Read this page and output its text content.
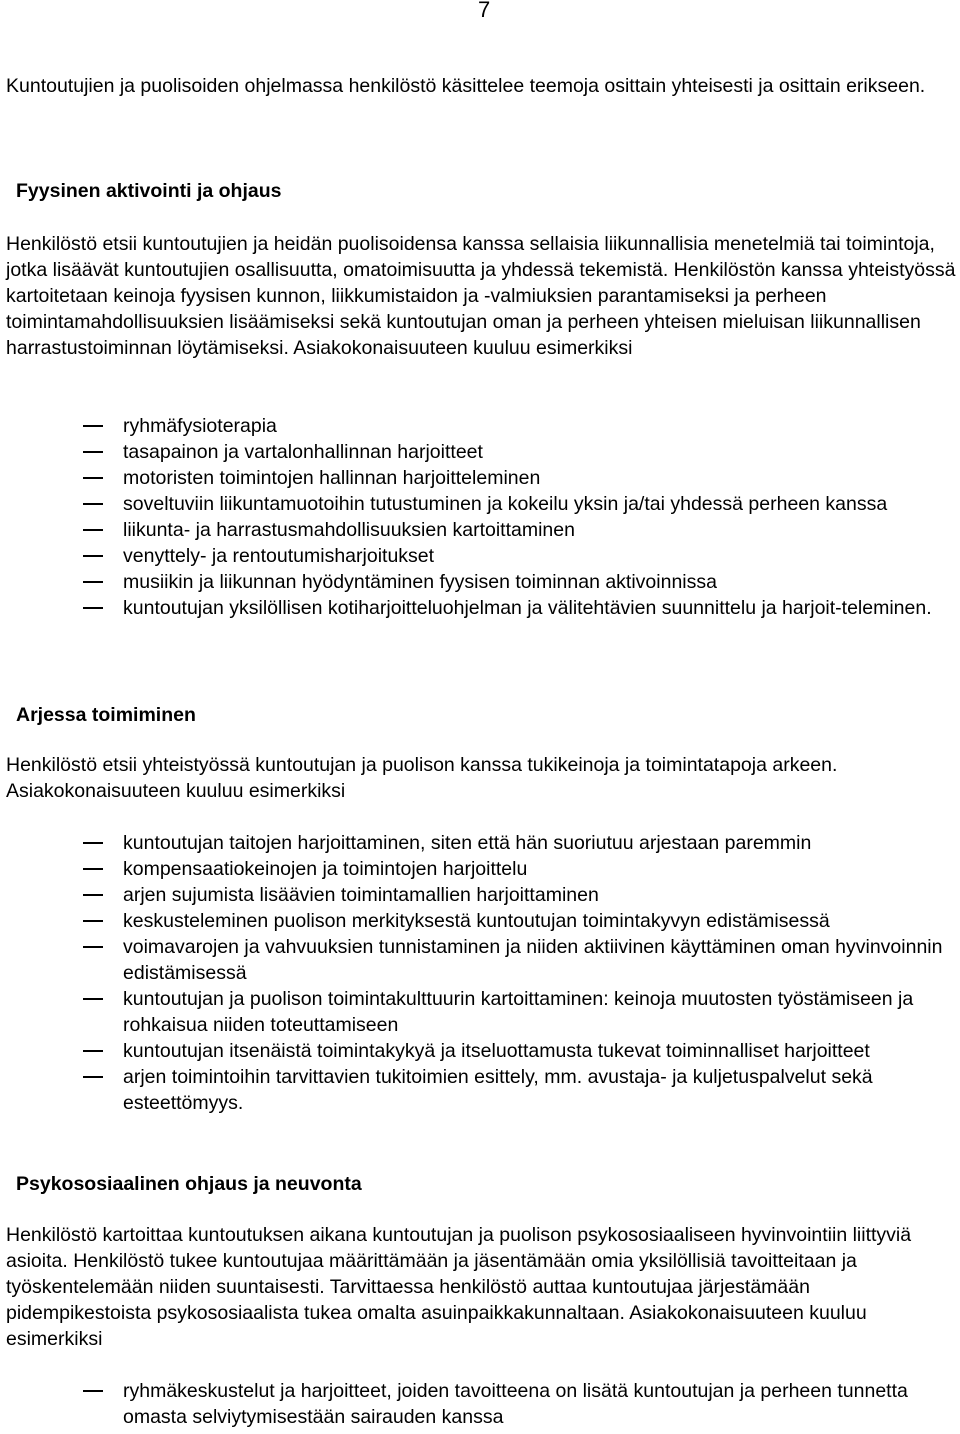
7

Kuntoutujien ja puolisoiden ohjelmassa henkilöstö käsittelee teemoja osittain yhteisesti ja osittain erikseen.

Fyysinen aktivointi ja ohjaus

Henkilöstö etsii kuntoutujien ja heidän puolisoidensa kanssa sellaisia liikunnallisia menetelmiä tai toimintoja, jotka lisäävät kuntoutujien osallisuutta, omatoimisuutta ja yhdessä tekemistä. Henkilöstön kanssa yhteistyössä kartoitetaan keinoja fyysisen kunnon, liikkumistaidon ja -valmiuksien parantamiseksi ja perheen toimintamahdollisuuksien lisäämiseksi sekä kuntoutujan oman ja perheen yhteisen mieluisan liikunnallisen harrastustoiminnan löytämiseksi. Asiakokonaisuuteen kuuluu esimerkiksi

ryhmäfysioterapia
tasapainon ja vartalonhallinnan harjoitteet
motoristen toimintojen hallinnan harjoitteleminen
soveltuviin liikuntamuotoihin tutustuminen ja kokeilu yksin ja/tai yhdessä perheen kanssa
liikunta- ja harrastusmahdollisuuksien kartoittaminen
venyttely- ja rentoutumisharjoitukset
musiikin ja liikunnan hyödyntäminen fyysisen toiminnan aktivoinnissa
kuntoutujan yksilöllisen kotiharjoitteluohjelman ja välitehtävien suunnittelu ja harjoit-teleminen.
Arjessa toimiminen

Henkilöstö etsii yhteistyössä kuntoutujan ja puolison kanssa tukikeinoja ja toimintatapoja arkeen. Asiakokonaisuuteen kuuluu esimerkiksi

kuntoutujan taitojen harjoittaminen, siten että hän suoriutuu arjestaan paremmin
kompensaatiokeinojen ja toimintojen harjoittelu
arjen sujumista lisäävien toimintamallien harjoittaminen
keskusteleminen puolison merkityksestä kuntoutujan toimintakyvyn edistämisessä
voimavarojen ja vahvuuksien tunnistaminen ja niiden aktiivinen käyttäminen oman hyvinvoinnin edistämisessä
kuntoutujan ja puolison toimintakulttuurin kartoittaminen: keinoja muutosten työstämiseen ja rohkaisua niiden toteuttamiseen
kuntoutujan itsenäistä toimintakykyä ja itseluottamusta tukevat toiminnalliset harjoitteet
arjen toimintoihin tarvittavien tukitoimien esittely, mm. avustaja- ja kuljetuspalvelut sekä esteettömyys.
Psykososiaalinen ohjaus ja neuvonta

Henkilöstö kartoittaa kuntoutuksen aikana kuntoutujan ja puolison psykososiaaliseen hyvinvointiin liittyviä asioita. Henkilöstö tukee kuntoutujaa määrittämään ja jäsentämään omia yksilöllisiä tavoitteitaan ja työskentelemään niiden suuntaisesti. Tarvittaessa henkilöstö auttaa kuntoutujaa järjestämään pidempikestoista psykososiaalista tukea omalta asuinpaikkakunnaltaan. Asiakokonaisuuteen kuuluu esimerkiksi

ryhmäkeskustelut ja harjoitteet, joiden tavoitteena on lisätä kuntoutujan ja perheen tunnetta omasta selviytymisestään sairauden kanssa
